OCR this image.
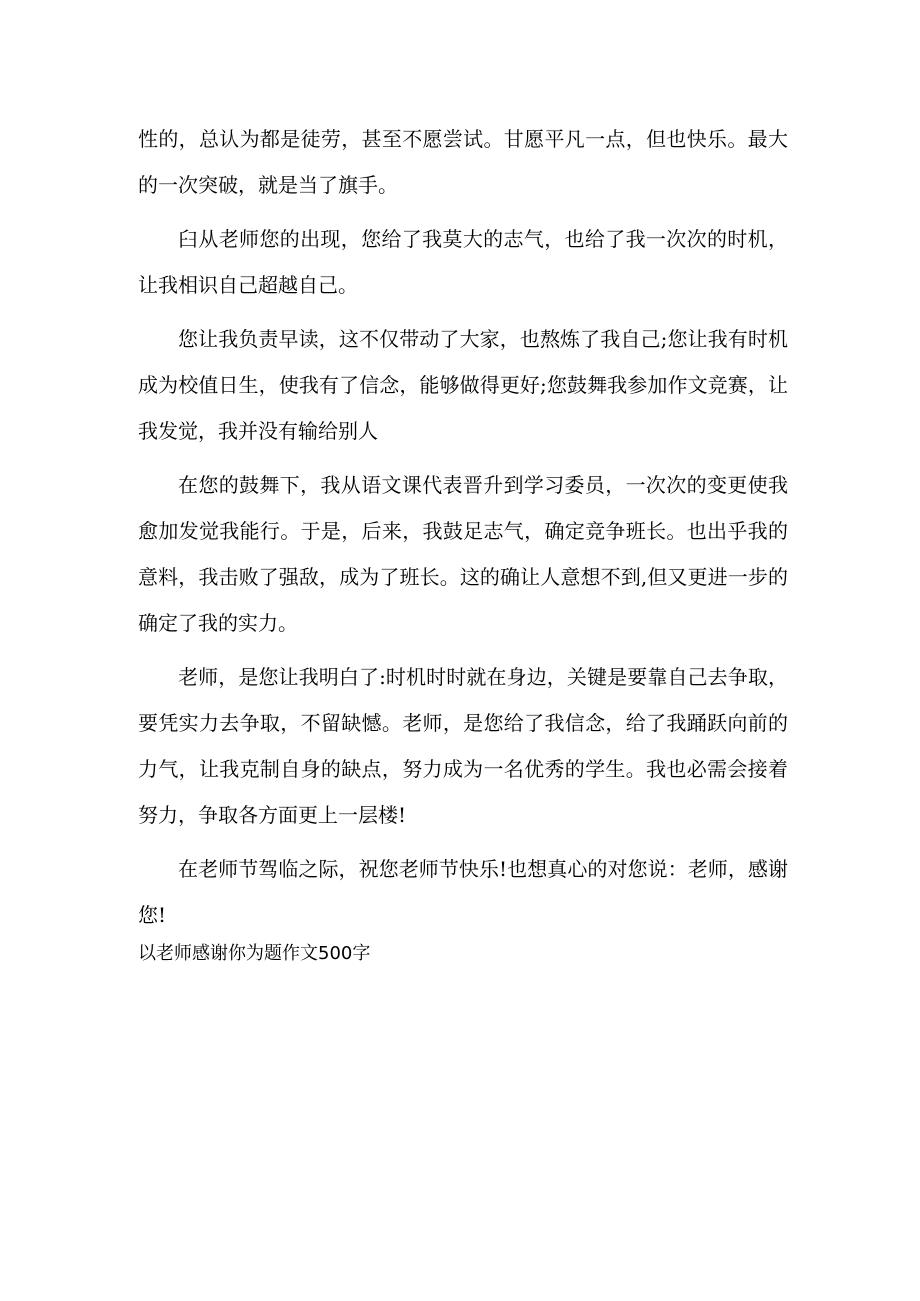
性的，总认为都是徒劳，甚至不愿尝试。甘愿平凡一点，但也快乐。最大的一次突破，就是当了旗手。

臼从老师您的出现，您给了我莫大的志气，也给了我一次次的时机，让我相识自己超越自己。

您让我负责早读，这不仅带动了大家，也熬炼了我自己;您让我有时机成为校值日生，使我有了信念，能够做得更好;您鼓舞我参加作文竞赛，让我发觉，我并没有输给别人

在您的鼓舞下，我从语文课代表晋升到学习委员，一次次的变更使我愈加发觉我能行。于是，后来，我鼓足志气，确定竞争班长。也出乎我的意料，我击败了强敌，成为了班长。这的确让人意想不到,但又更进一步的确定了我的实力。

老师，是您让我明白了:时机时时就在身边，关键是要靠自己去争取，要凭实力去争取，不留缺憾。老师，是您给了我信念，给了我踊跃向前的力气，让我克制自身的缺点，努力成为一名优秀的学生。我也必需会接着努力，争取各方面更上一层楼!

在老师节驾临之际，祝您老师节快乐!也想真心的对您说：老师，感谢您!

以老师感谢你为题作文500字
